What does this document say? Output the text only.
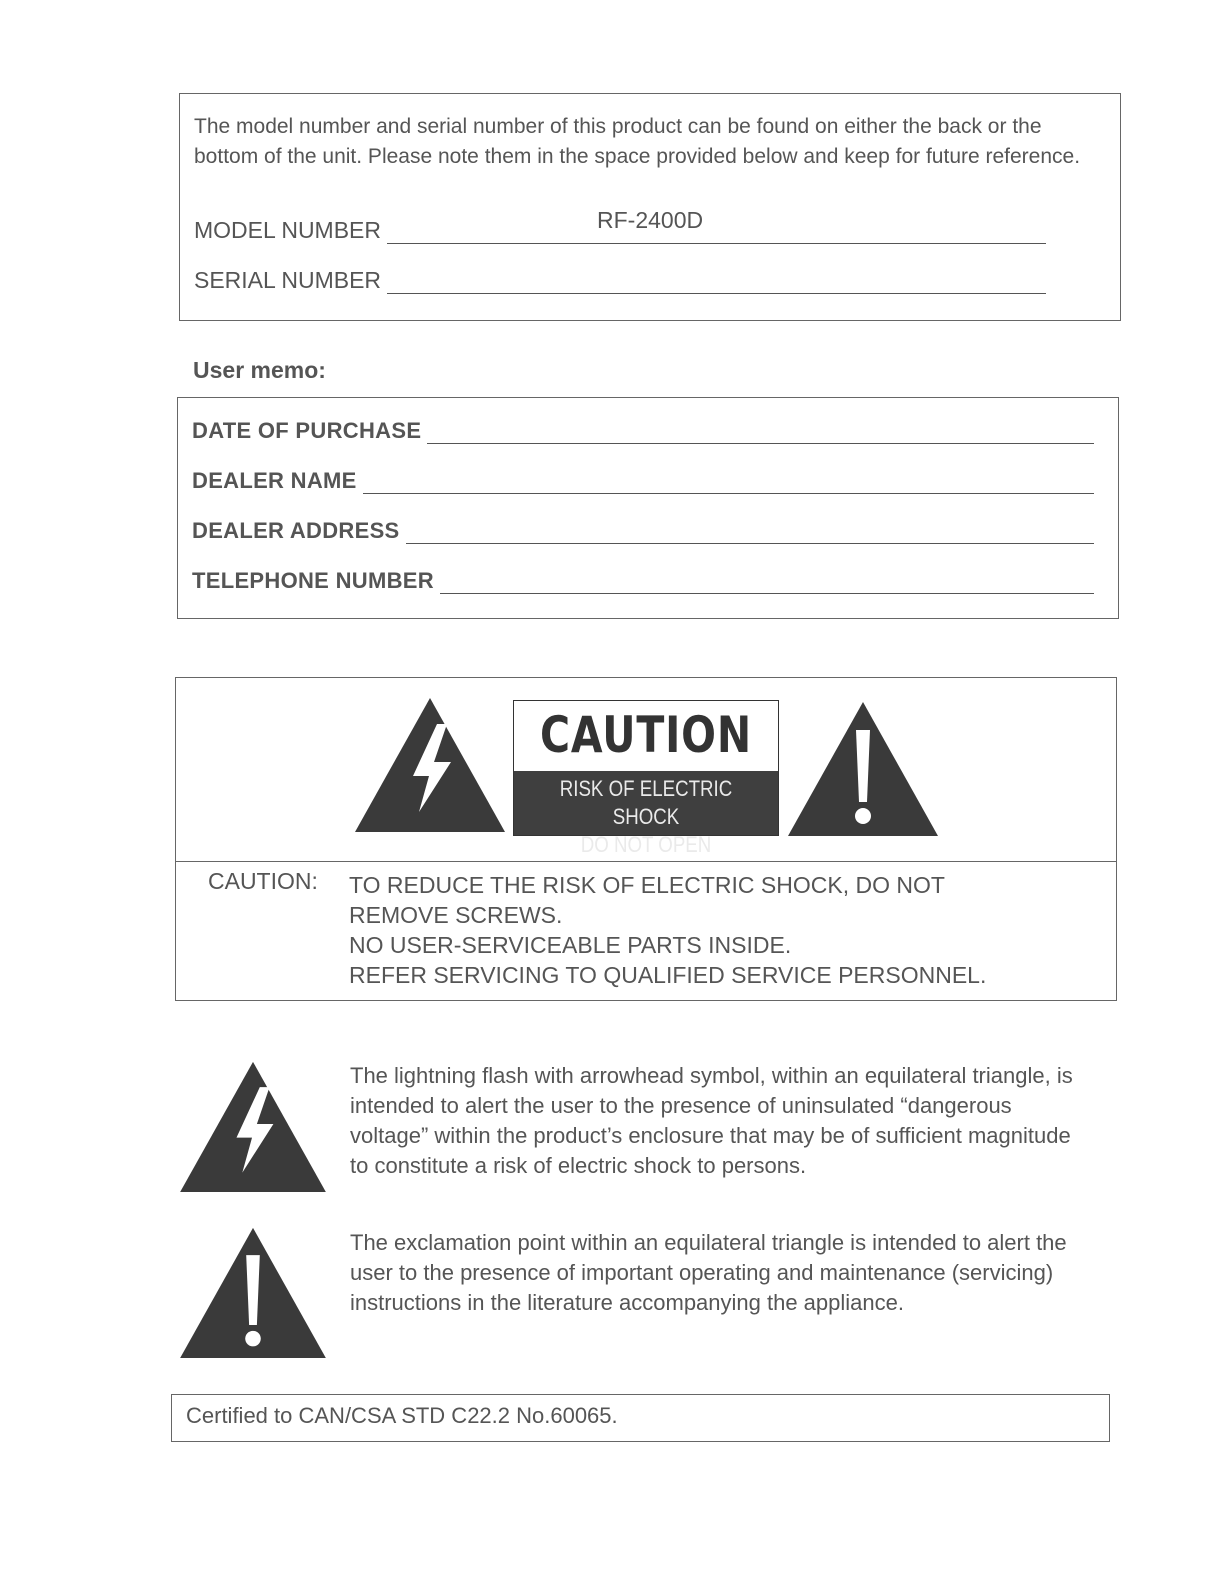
The model number and serial number of this product can be found on either the back or the bottom of the unit. Please note them in the space provided below and keep for future reference.
MODEL NUMBER	RF-2400D
SERIAL NUMBER
User memo:
DATE OF PURCHASE
DEALER NAME
DEALER ADDRESS
TELEPHONE NUMBER
CAUTION
RISK OF ELECTRIC SHOCK
DO NOT OPEN
CAUTION: TO REDUCE THE RISK OF ELECTRIC SHOCK, DO NOT
REMOVE SCREWS.
NO USER-SERVICEABLE PARTS INSIDE.
REFER SERVICING TO QUALIFIED SERVICE PERSONNEL.
The lightning flash with arrowhead symbol, within an equilateral triangle, is intended to alert the user to the presence of uninsulated “dangerous voltage” within the product’s enclosure that may be of sufficient magnitude to constitute a risk of electric shock to persons.
The exclamation point within an equilateral triangle is intended to alert the user to the presence of important operating and maintenance (servicing) instructions in the literature accompanying the appliance.
Certified to CAN/CSA STD C22.2 No.60065.
